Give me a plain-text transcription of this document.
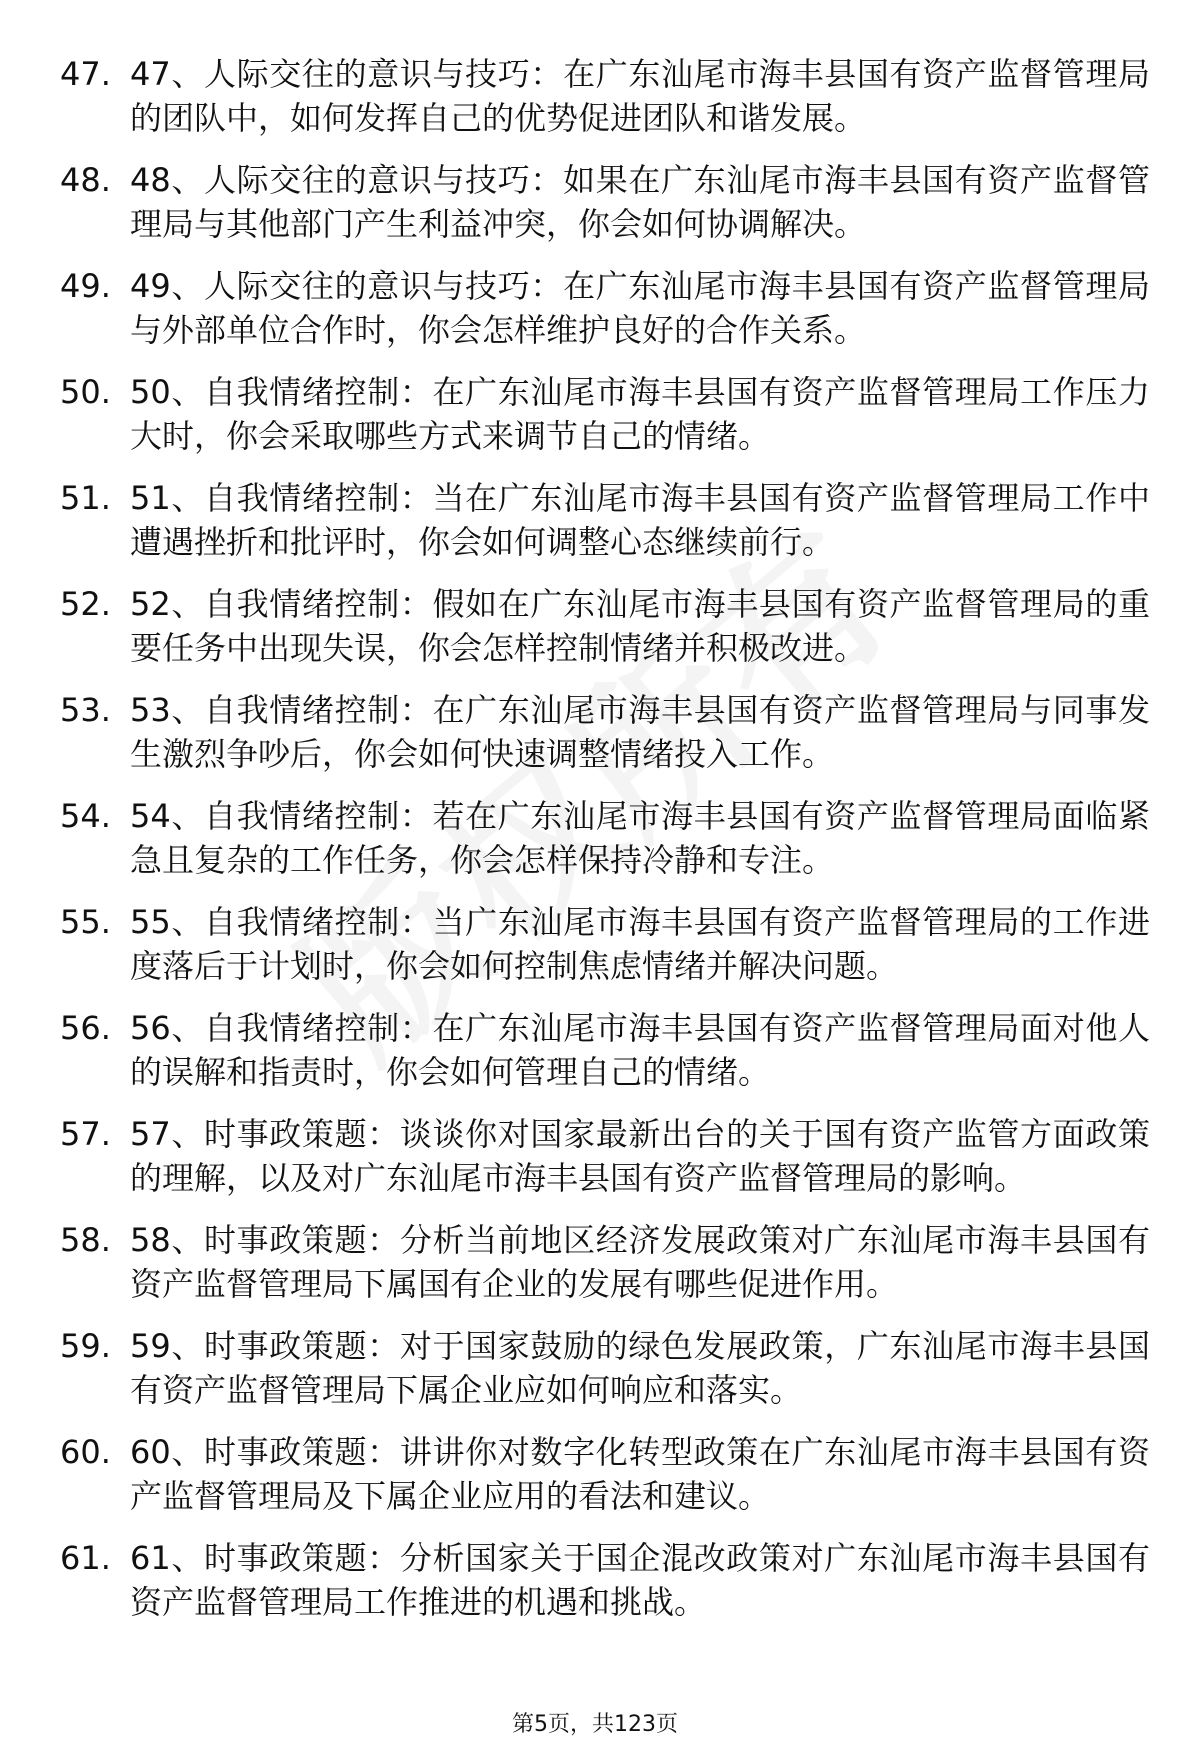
47. 47、人际交往的意识与技巧：在广东汕尾市海丰县国有资产监督管理局的团队中，如何发挥自己的优势促进团队和谐发展。
48. 48、人际交往的意识与技巧：如果在广东汕尾市海丰县国有资产监督管理局与其他部门产生利益冲突，你会如何协调解决。
49. 49、人际交往的意识与技巧：在广东汕尾市海丰县国有资产监督管理局与外部单位合作时，你会怎样维护良好的合作关系。
50. 50、自我情绪控制：在广东汕尾市海丰县国有资产监督管理局工作压力大时，你会采取哪些方式来调节自己的情绪。
51. 51、自我情绪控制：当在广东汕尾市海丰县国有资产监督管理局工作中遭遇挫折和批评时，你会如何调整心态继续前行。
52. 52、自我情绪控制：假如在广东汕尾市海丰县国有资产监督管理局的重要任务中出现失误，你会怎样控制情绪并积极改进。
53. 53、自我情绪控制：在广东汕尾市海丰县国有资产监督管理局与同事发生激烈争吵后，你会如何快速调整情绪投入工作。
54. 54、自我情绪控制：若在广东汕尾市海丰县国有资产监督管理局面临紧急且复杂的工作任务，你会怎样保持冷静和专注。
55. 55、自我情绪控制：当广东汕尾市海丰县国有资产监督管理局的工作进度落后于计划时，你会如何控制焦虑情绪并解决问题。
56. 56、自我情绪控制：在广东汕尾市海丰县国有资产监督管理局面对他人的误解和指责时，你会如何管理自己的情绪。
57. 57、时事政策题：谈谈你对国家最新出台的关于国有资产监管方面政策的理解，以及对广东汕尾市海丰县国有资产监督管理局的影响。
58. 58、时事政策题：分析当前地区经济发展政策对广东汕尾市海丰县国有资产监督管理局下属国有企业的发展有哪些促进作用。
59. 59、时事政策题：对于国家鼓励的绿色发展政策，广东汕尾市海丰县国有资产监督管理局下属企业应如何响应和落实。
60. 60、时事政策题：讲讲你对数字化转型政策在广东汕尾市海丰县国有资产监督管理局及下属企业应用的看法和建议。
61. 61、时事政策题：分析国家关于国企混改政策对广东汕尾市海丰县国有资产监督管理局工作推进的机遇和挑战。
第5页，共123页
